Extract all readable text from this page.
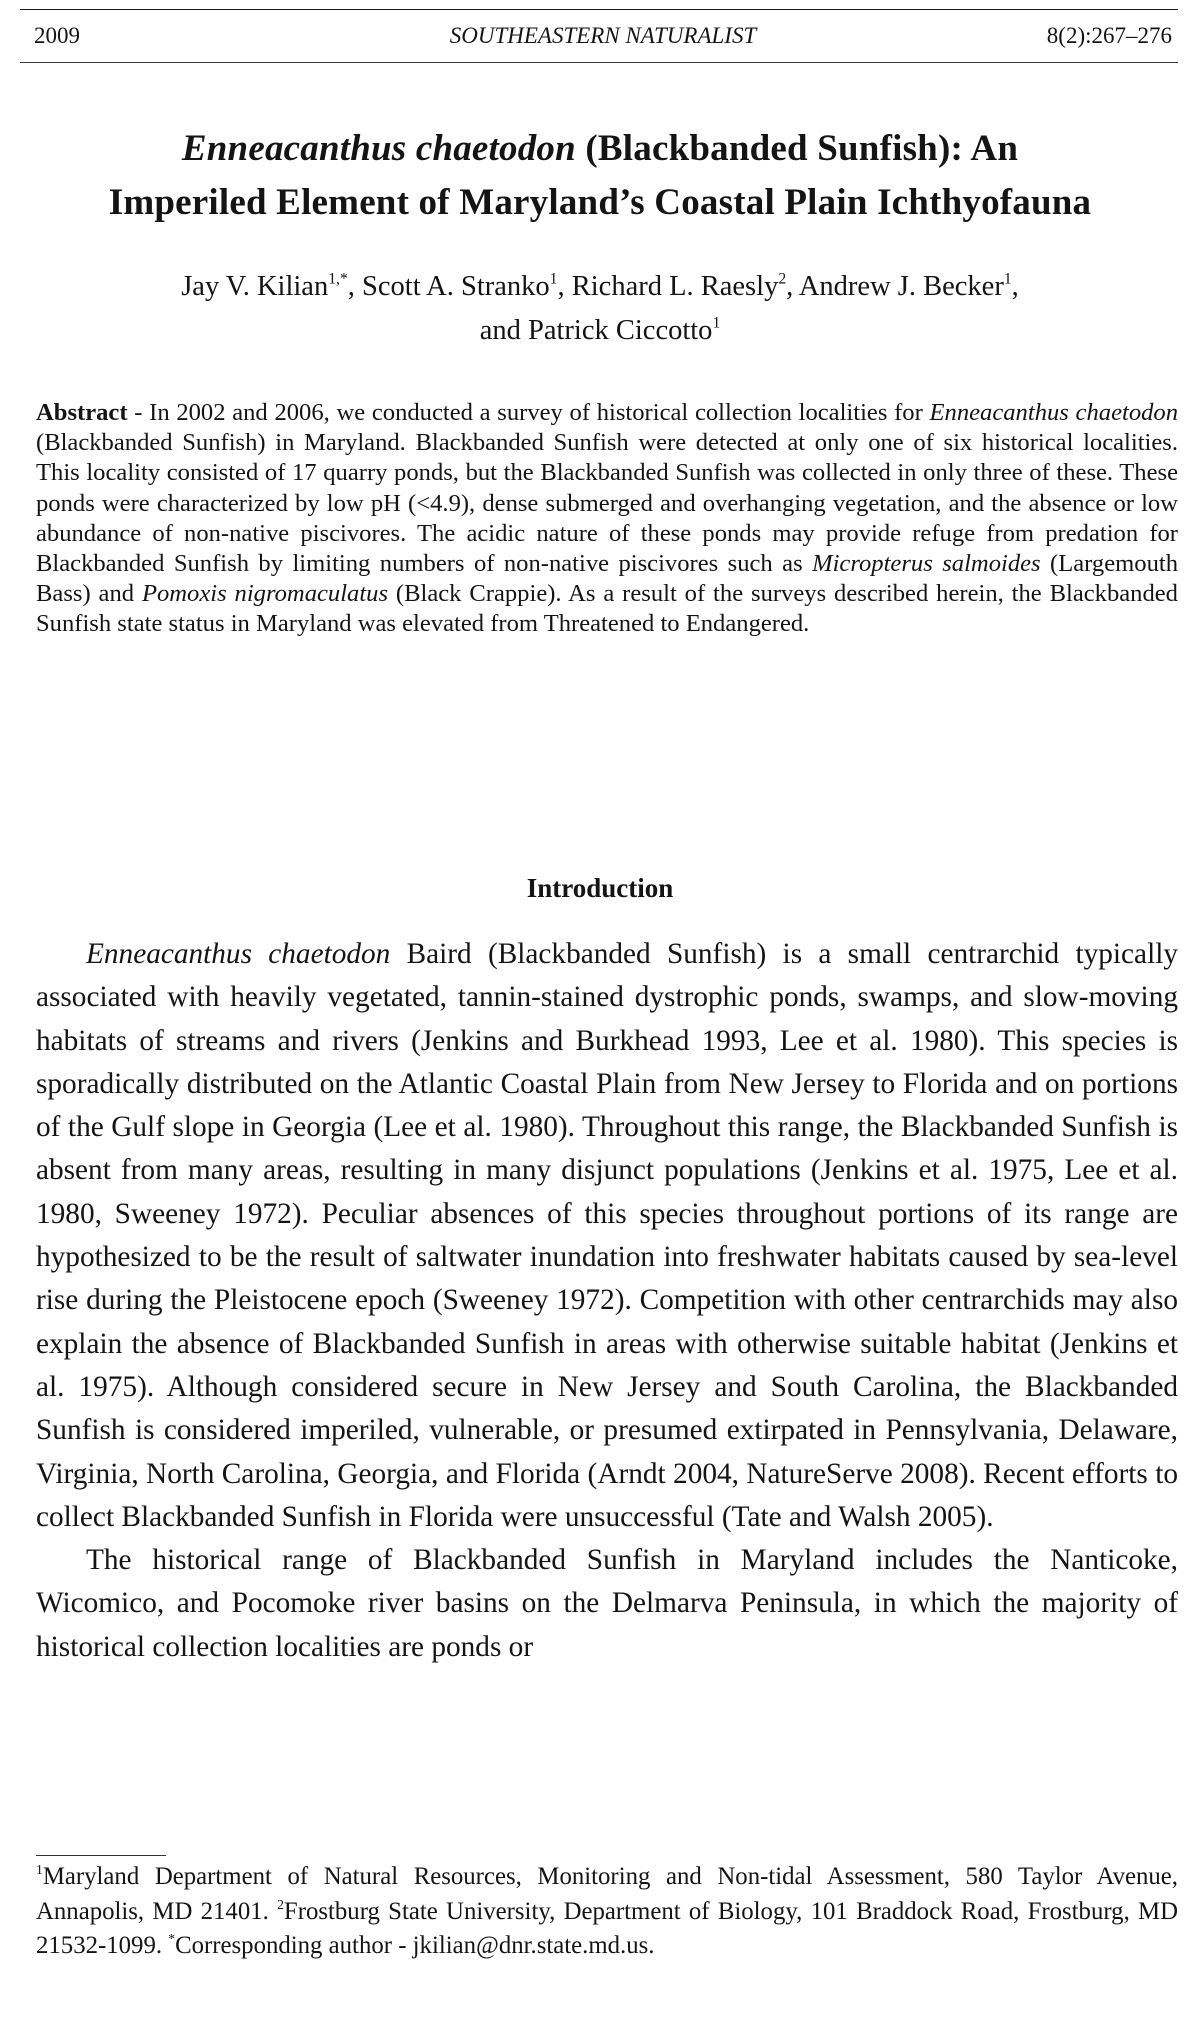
2009	SOUTHEASTERN NATURALIST	8(2):267–276
Enneacanthus chaetodon (Blackbanded Sunfish): An
Imperiled Element of Maryland’s Coastal Plain Ichthyofauna
Jay V. Kilian$^{1,*}$, Scott A. Stranko$^1$, Richard L. Raesly$^2$, Andrew J. Becker$^1$,
and Patrick Ciccotto$^1$
Abstract - In 2002 and 2006, we conducted a survey of historical collection localities for Enneacanthus chaetodon (Blackbanded Sunfish) in Maryland. Blackbanded Sunfish were detected at only one of six historical localities. This locality consisted of 17 quarry ponds, but the Blackbanded Sunfish was collected in only three of these. These ponds were characterized by low pH (<4.9), dense submerged and overhanging vegetation, and the absence or low abundance of non-native piscivores. The acidic nature of these ponds may provide refuge from predation for Blackbanded Sunfish by limiting numbers of non-native piscivores such as Micropterus salmoides (Largemouth Bass) and Pomoxis nigromaculatus (Black Crappie). As a result of the surveys described herein, the Blackbanded Sunfish state status in Maryland was elevated from Threatened to Endangered.
Introduction

Enneacanthus chaetodon Baird (Blackbanded Sunfish) is a small centrarchid typically associated with heavily vegetated, tannin-stained dystrophic ponds, swamps, and slow-moving habitats of streams and rivers (Jenkins and Burkhead 1993, Lee et al. 1980). This species is sporadically distributed on the Atlantic Coastal Plain from New Jersey to Florida and on portions of the Gulf slope in Georgia (Lee et al. 1980). Throughout this range, the Blackbanded Sunfish is absent from many areas, resulting in many disjunct populations (Jenkins et al. 1975, Lee et al. 1980, Sweeney 1972). Peculiar absences of this species throughout portions of its range are hypothesized to be the result of saltwater inundation into freshwater habitats caused by sea-level rise during the Pleistocene epoch (Sweeney 1972). Competition with other centrarchids may also explain the absence of Blackbanded Sunfish in areas with otherwise suitable habitat (Jenkins et al. 1975). Although considered secure in New Jersey and South Carolina, the Blackbanded Sunfish is considered imperiled, vulnerable, or presumed extirpated in Pennsylvania, Delaware, Virginia, North Carolina, Georgia, and Florida (Arndt 2004, NatureServe 2008). Recent efforts to collect Blackbanded Sunfish in Florida were unsuccessful (Tate and Walsh 2005).

The historical range of Blackbanded Sunfish in Maryland includes the Nanticoke, Wicomico, and Pocomoke river basins on the Delmarva Peninsula, in which the majority of historical collection localities are ponds or

$^1$Maryland Department of Natural Resources, Monitoring and Non-tidal Assessment, 580 Taylor Avenue, Annapolis, MD 21401. $^2$Frostburg State University, Department of Biology, 101 Braddock Road, Frostburg, MD 21532-1099. *Corresponding author - jkilian@dnr.state.md.us.
